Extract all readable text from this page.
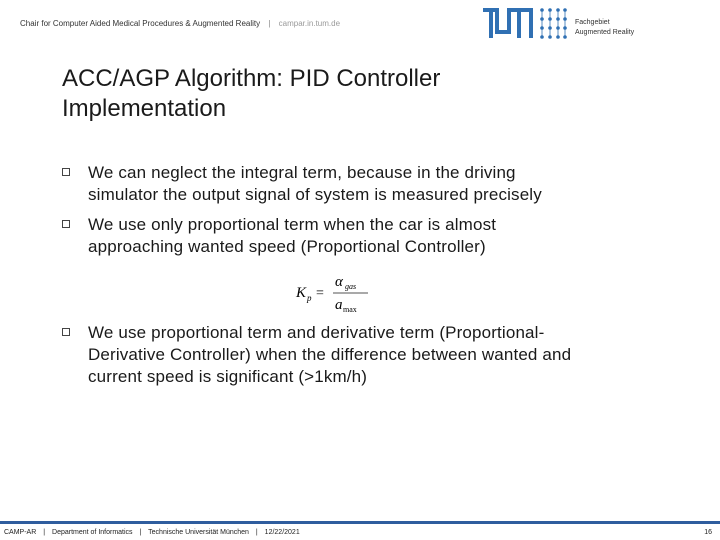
Chair for Computer Aided Medical Procedures & Augmented Reality | campar.in.tum.de	Fachgebiet
Augmented Reality
ACC/AGP Algorithm: PID Controller
Implementation
We can neglect the integral term, because in the driving
simulator the output signal of system is measured precisely
We use only proportional term when the car is almost
approaching wanted speed (Proportional Controller)
K p =
α gas
a max
We use proportional term and derivative term (Proportional-
Derivative Controller) when the difference between wanted and
current speed is significant (>1km/h)
CAMP-AR | Department of Informatics | Technische Universität München | 12/22/2021	16
